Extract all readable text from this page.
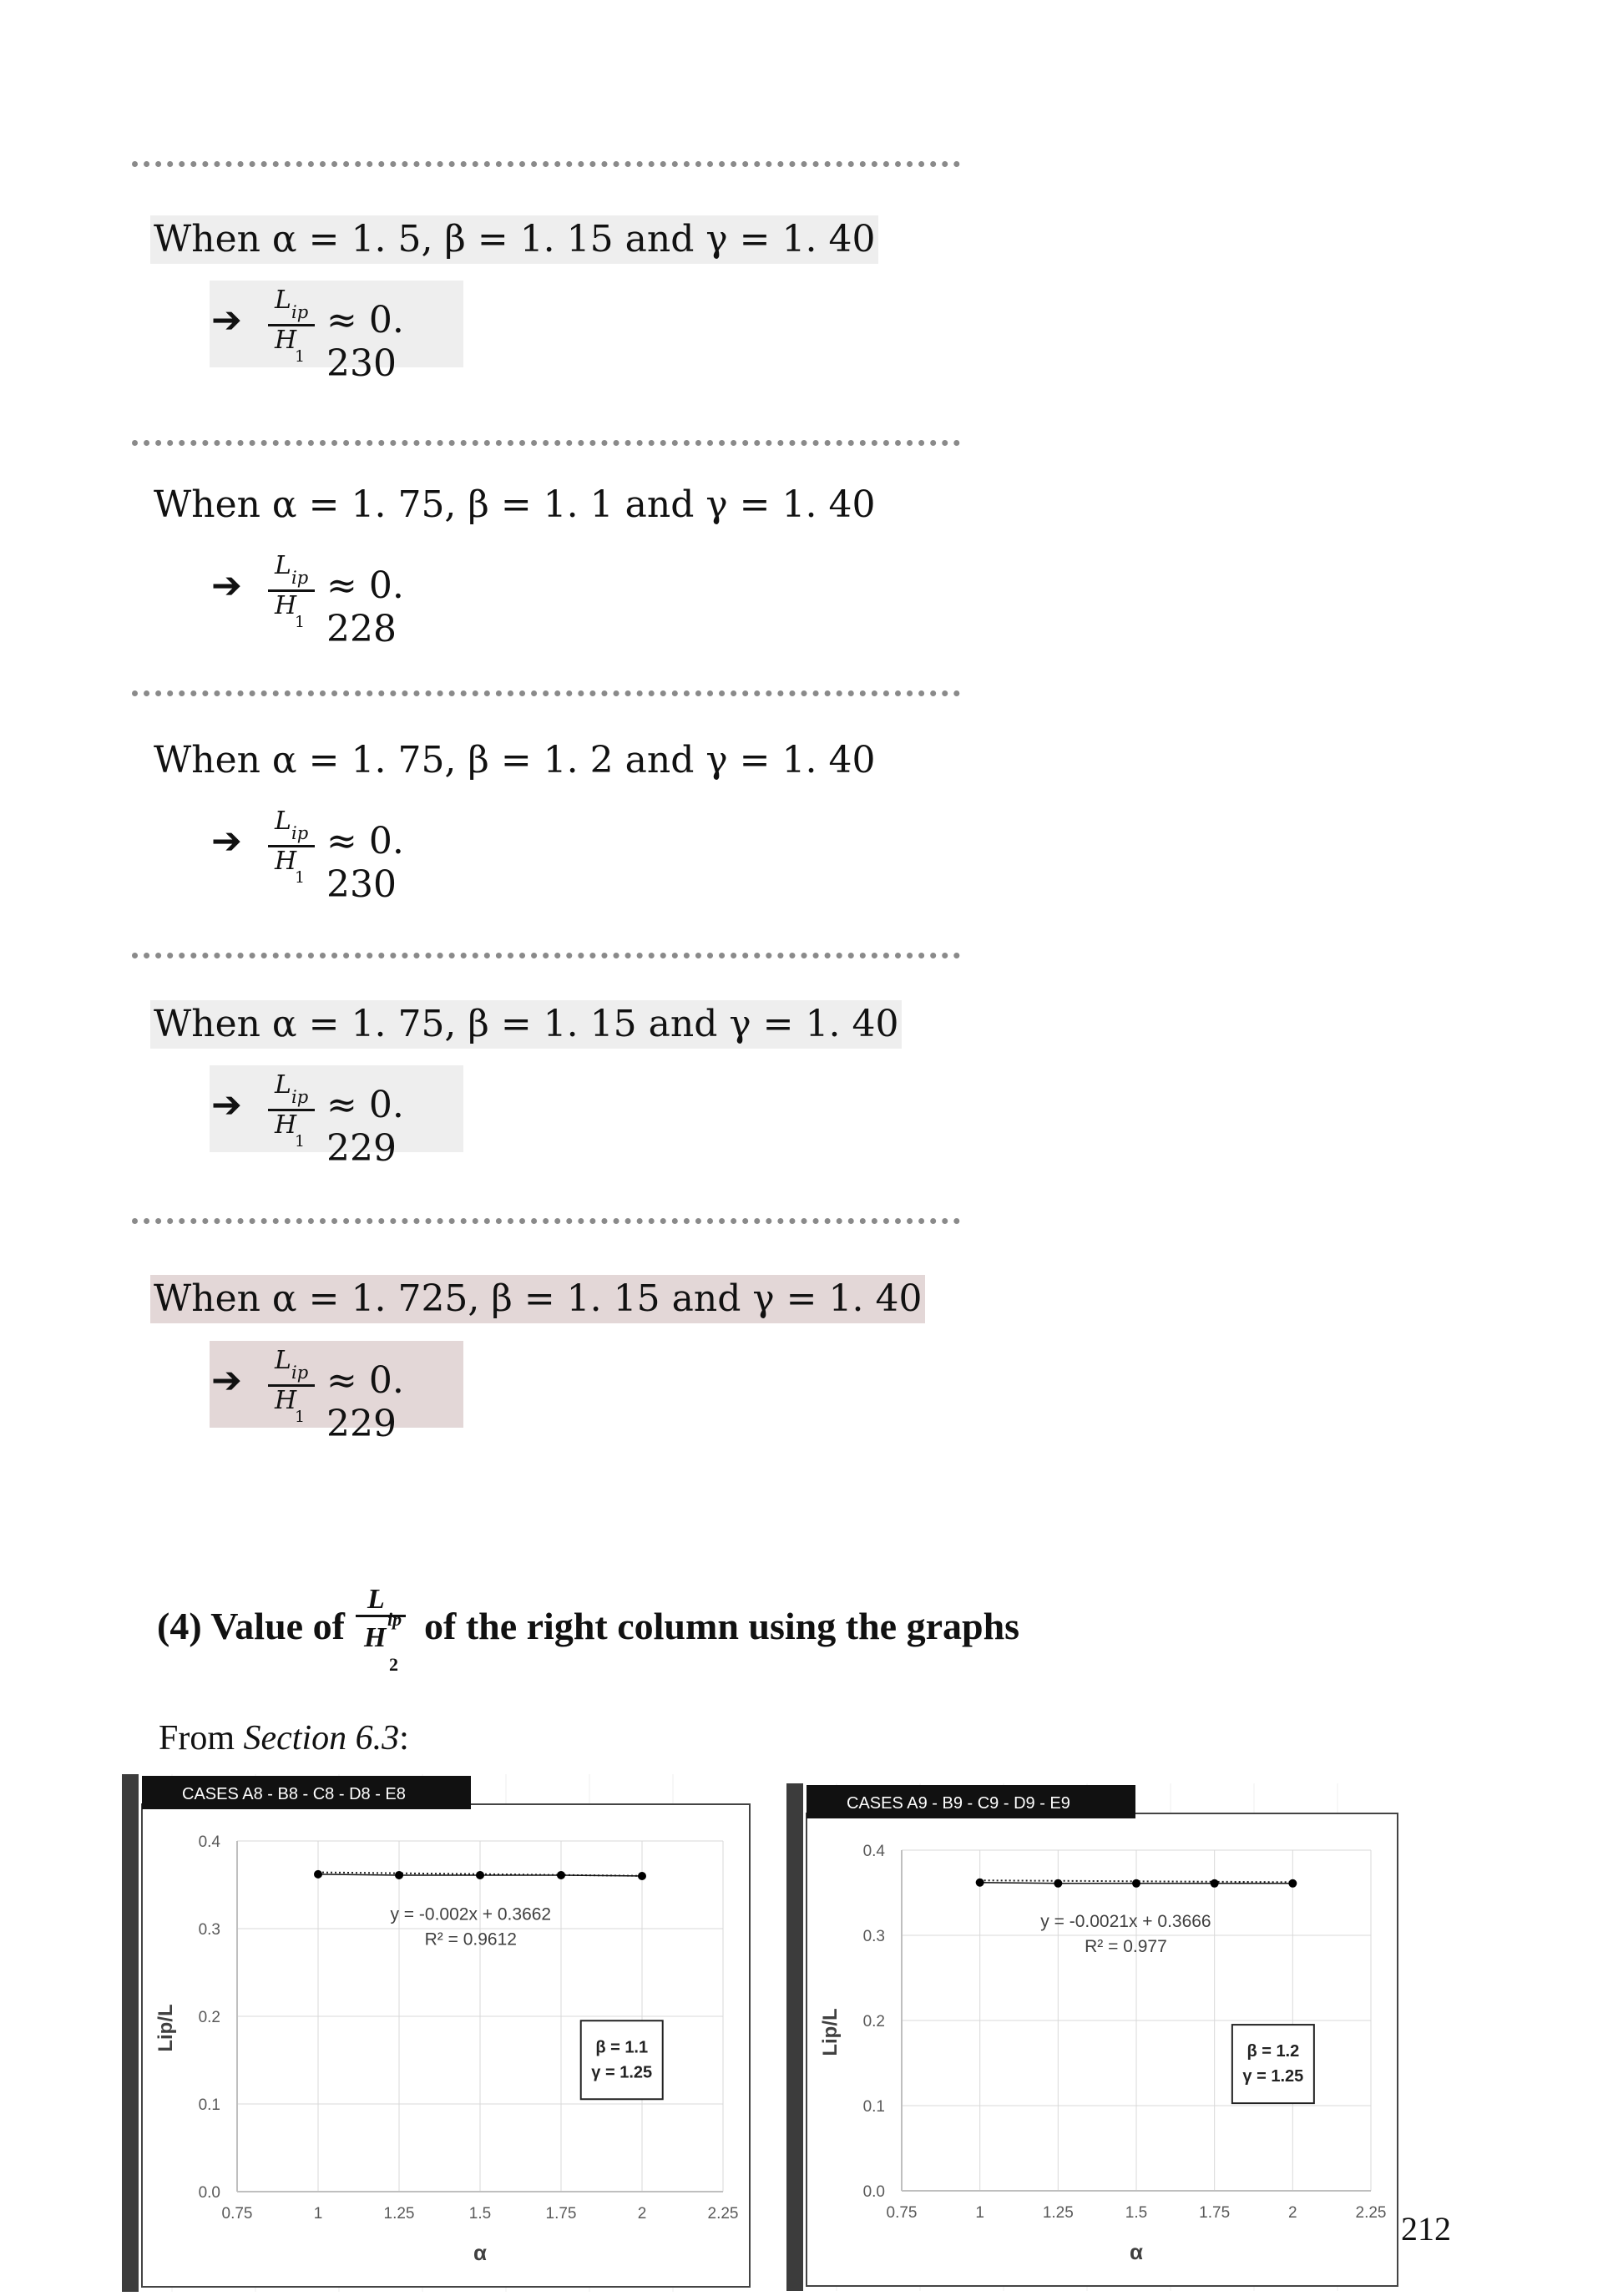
When α = 1. 5, β = 1. 15 and γ = 1. 40
➔ L ip
H
1
≈ 0. 230
When α = 1. 75, β = 1. 1 and γ = 1. 40
➔ L ip
H
1
≈ 0. 228
When α = 1. 75, β = 1. 2 and γ = 1. 40
➔ L ip
H
1
≈ 0. 230
When α = 1. 75, β = 1. 15 and γ = 1. 40
➔ L ip
H
1
≈ 0. 229
When α = 1. 725, β = 1. 15 and γ = 1. 40
➔ L ip
H
1
≈ 0. 229
(4) Value of
L
ip
H
2
of the right column using the graphs
From Section 6.3:
CASES A8 - B8 - C8 - D8 - E8
0.75	1	1.25	1.5	1.75	2	2.25
0.0
0.1
0.2
0.3
0.4
α
Lip/L
y = -0.002x + 0.3662
R² = 0.9612
β = 1.1
γ = 1.25
CASES A9 - B9 - C9 - D9 - E9
0.75	1	1.25	1.5	1.75	2	2.25
0.0
0.1
0.2
0.3
0.4
α
Lip/L
y = -0.0021x + 0.3666
R² = 0.977
β = 1.2
γ = 1.25
212
